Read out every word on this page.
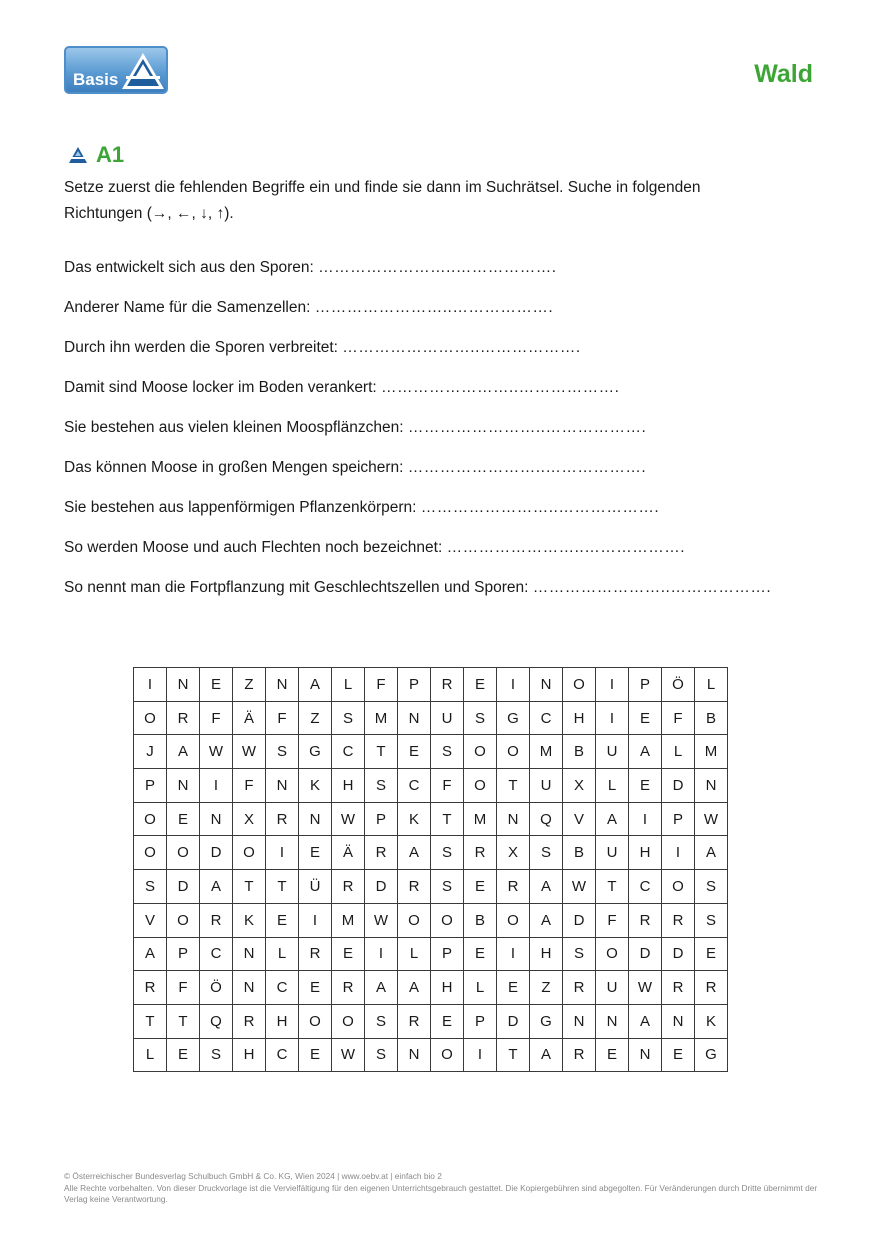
Basis	Wald
A1
Setze zuerst die fehlenden Begriffe ein und finde sie dann im Suchrätsel. Suche in folgenden
Richtungen (→, ←, ↓, ↑).
Das entwickelt sich aus den Sporen: ……………………..……………….
Anderer Name für die Samenzellen: ……………………..……………….
Durch ihn werden die Sporen verbreitet: ……………………..……………….
Damit sind Moose locker im Boden verankert: ……………………..……………….
Sie bestehen aus vielen kleinen Moospflänzchen: ……………………..……………….
Das können Moose in großen Mengen speichern: ……………………..……………….
Sie bestehen aus lappenförmigen Pflanzenkörpern: ……………………..……………….
So werden Moose und auch Flechten noch bezeichnet: ……………………..……………….
So nennt man die Fortpflanzung mit Geschlechtszellen und Sporen: ……………………..……………….
I	N	E	Z	N	A	L	F	P	R	E	I	N	O	I	P	Ö	L
O	R	F	Ä	F	Z	S	M	N	U	S	G	C	H	I	E	F	B
J	A	W	W	S	G	C	T	E	S	O	O	M	B	U	A	L	M
P	N	I	F	N	K	H	S	C	F	O	T	U	X	L	E	D	N
O	E	N	X	R	N	W	P	K	T	M	N	Q	V	A	I	P	W
O	O	D	O	I	E	Ä	R	A	S	R	X	S	B	U	H	I	A
S	D	A	T	T	Ü	R	D	R	S	E	R	A	W	T	C	O	S
V	O	R	K	E	I	M	W	O	O	B	O	A	D	F	R	R	S
A	P	C	N	L	R	E	I	L	P	E	I	H	S	O	D	D	E
R	F	Ö	N	C	E	R	A	A	H	L	E	Z	R	U	W	R	R
T	T	Q	R	H	O	O	S	R	E	P	D	G	N	N	A	N	K
L	E	S	H	C	E	W	S	N	O	I	T	A	R	E	N	E	G
© Österreichischer Bundesverlag Schulbuch GmbH & Co. KG, Wien 2024 | www.oebv.at | einfach bio 2
Alle Rechte vorbehalten. Von dieser Druckvorlage ist die Vervielfältigung für den eigenen Unterrichtsgebrauch gestattet. Die Kopiergebühren sind abgegolten. Für Veränderungen durch Dritte übernimmt der Verlag keine Verantwortung.
